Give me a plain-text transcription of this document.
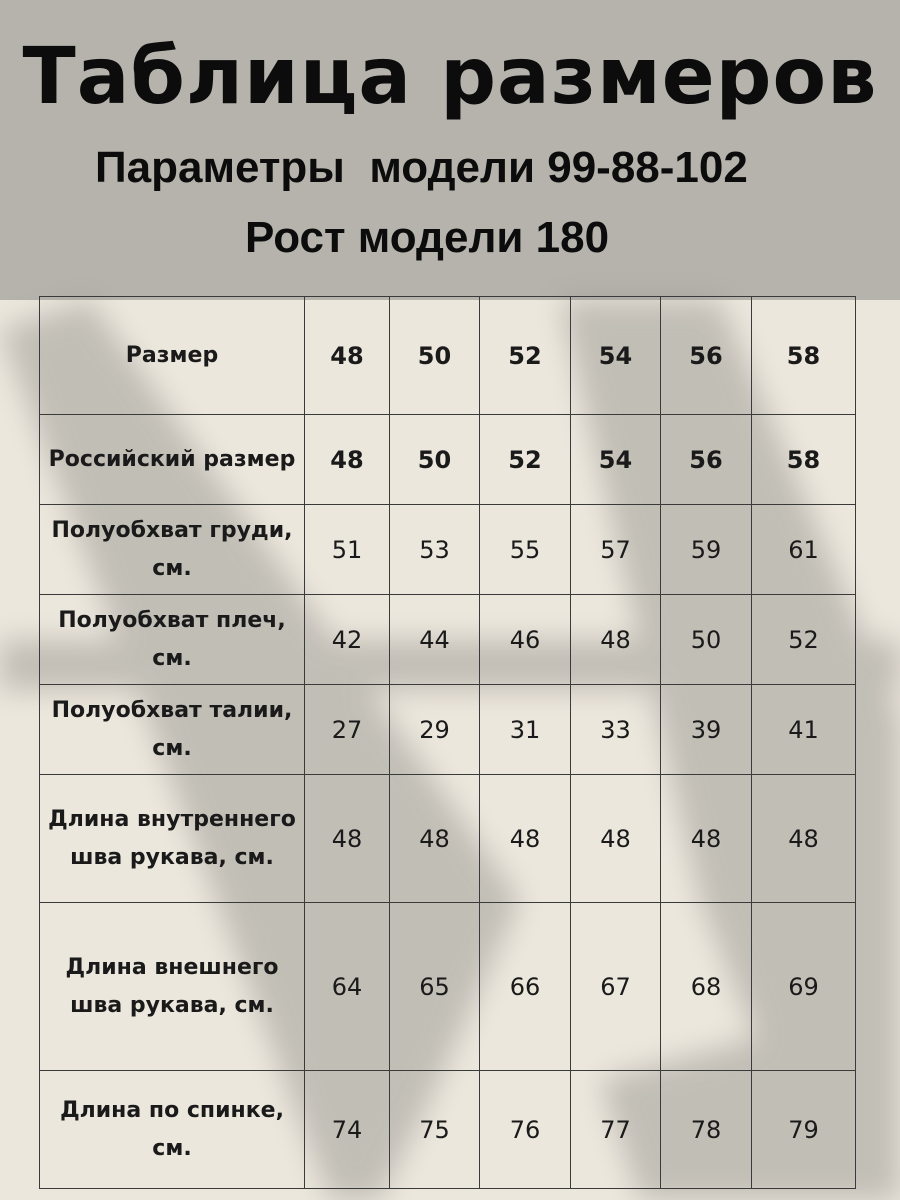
Таблица размеров
Параметры  модели 99-88-102
Рост модели 180
Размер	48	50	52	54	56	58
Российский размер	48	50	52	54	56	58
Полуобхват груди, см.	51	53	55	57	59	61
Полуобхват плеч, см.	42	44	46	48	50	52
Полуобхват талии, см.	27	29	31	33	39	41
Длина внутреннего шва рукава, см.	48	48	48	48	48	48
Длина внешнего шва рукава, см.	64	65	66	67	68	69
Длина по спинке, см.	74	75	76	77	78	79
